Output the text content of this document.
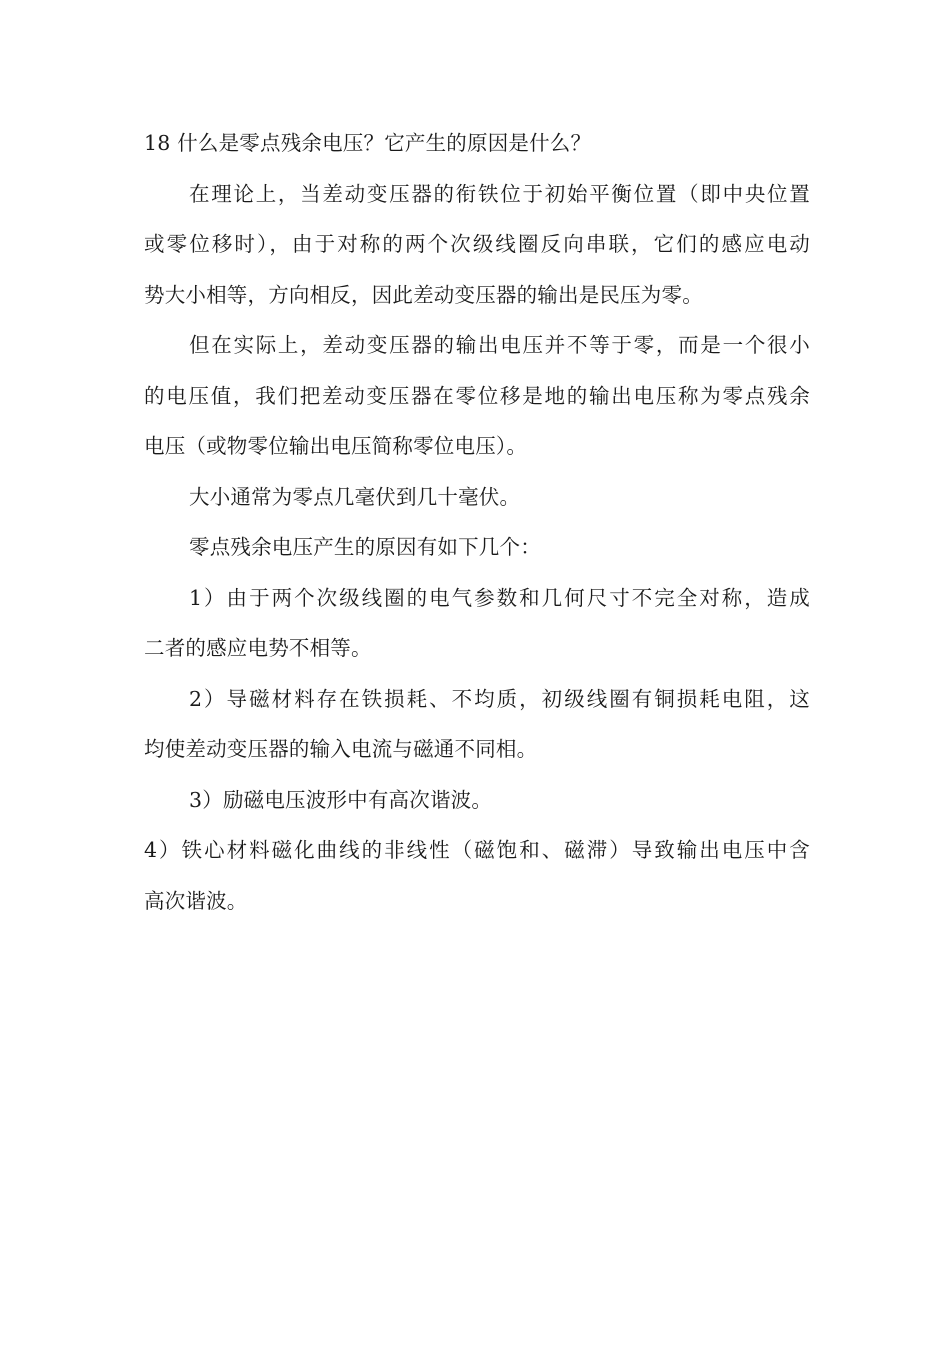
18 什么是零点残余电压？它产生的原因是什么？
在理论上，当差动变压器的衔铁位于初始平衡位置（即中央位置
或零位移时），由于对称的两个次级线圈反向串联，它们的感应电动
势大小相等，方向相反，因此差动变压器的输出是民压为零。
但在实际上，差动变压器的输出电压并不等于零，而是一个很小
的电压值，我们把差动变压器在零位移是地的输出电压称为零点残余
电压（或物零位输出电压简称零位电压）。
大小通常为零点几毫伏到几十毫伏。
零点残余电压产生的原因有如下几个：
1）由于两个次级线圈的电气参数和几何尺寸不完全对称，造成
二者的感应电势不相等。
2）导磁材料存在铁损耗、不均质，初级线圈有铜损耗电阻，这
均使差动变压器的输入电流与磁通不同相。
3）励磁电压波形中有高次谐波。
4）铁心材料磁化曲线的非线性（磁饱和、磁滞）导致输出电压中含
高次谐波。
